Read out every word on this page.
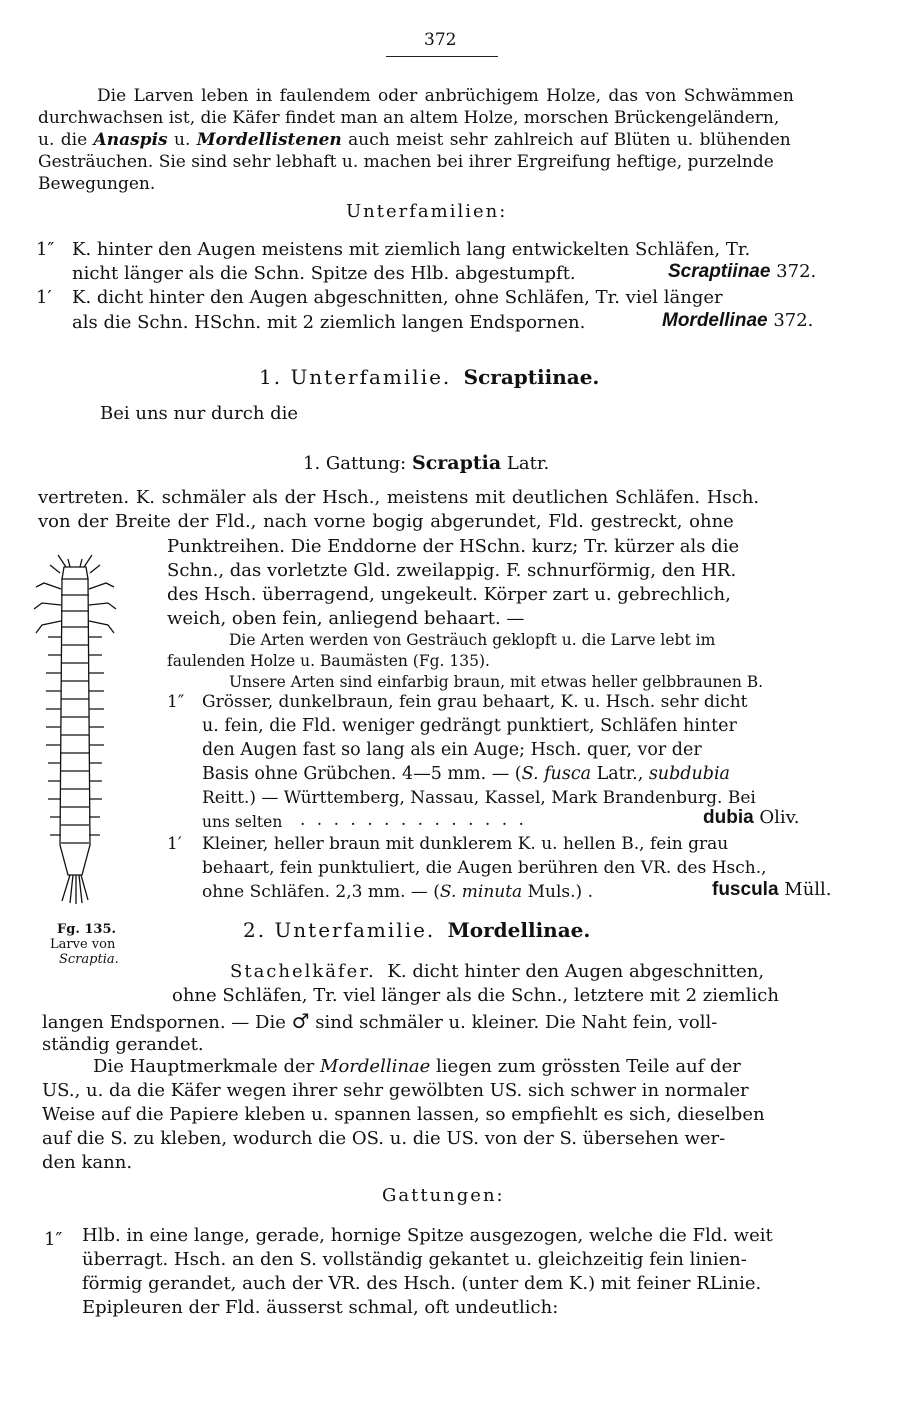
372
Die Larven leben in faulendem oder anbrüchigem Holze, das von Schwämmen
durchwachsen ist, die Käfer findet man an altem Holze, morschen Brückengeländern,
u. die Anaspis u. Mordellistenen auch meist sehr zahlreich auf Blüten u. blühenden
Gesträuchen. Sie sind sehr lebhaft u. machen bei ihrer Ergreifung heftige, purzelnde
Bewegungen.
Unterfamilien:
1″ K. hinter den Augen meistens mit ziemlich lang entwickelten Schläfen, Tr.
nicht länger als die Schn. Spitze des Hlb. abgestumpft.	Scraptiinae 372.
1′ K. dicht hinter den Augen abgeschnitten, ohne Schläfen, Tr. viel länger
als die Schn. HSchn. mit 2 ziemlich langen Endspornen.	Mordellinae 372.
1. Unterfamilie. Scraptiinae.
Bei uns nur durch die
1. Gattung: Scraptia Latr.
vertreten. K. schmäler als der Hsch., meistens mit deutlichen Schläfen. Hsch.
von der Breite der Fld., nach vorne bogig abgerundet, Fld. gestreckt, ohne
Punktreihen. Die Enddorne der HSchn. kurz; Tr. kürzer als die
Schn., das vorletzte Gld. zweilappig. F. schnurförmig, den HR.
des Hsch. überragend, ungekeult. Körper zart u. gebrechlich,
weich, oben fein, anliegend behaart. —
Die Arten werden von Gesträuch geklopft u. die Larve lebt im
faulenden Holze u. Baumästen (Fg. 135).
Unsere Arten sind einfarbig braun, mit etwas heller gelbbraunen B.
1″ Grösser, dunkelbraun, fein grau behaart, K. u. Hsch. sehr dicht
u. fein, die Fld. weniger gedrängt punktiert, Schläfen hinter
den Augen fast so lang als ein Auge; Hsch. quer, vor der
Basis ohne Grübchen. 4—5 mm. — (S. fusca Latr., subdubia
Reitt.) — Württemberg, Nassau, Kassel, Mark Brandenburg. Bei
uns selten . . . . . . . . . . . . . .	dubia Oliv.
1′ Kleiner, heller braun mit dunklerem K. u. hellen B., fein grau
behaart, fein punktuliert, die Augen berühren den VR. des Hsch.,
ohne Schläfen. 2,3 mm. — (S. minuta Muls.) .	fuscula Müll.
Fg. 135.
Larve von
Scraptia.
2. Unterfamilie. Mordellinae.
Stachelkäfer. K. dicht hinter den Augen abgeschnitten,
ohne Schläfen, Tr. viel länger als die Schn., letztere mit 2 ziemlich
langen Endspornen. — Die ♂ sind schmäler u. kleiner. Die Naht fein, voll-
ständig gerandet.
Die Hauptmerkmale der Mordellinae liegen zum grössten Teile auf der
US., u. da die Käfer wegen ihrer sehr gewölbten US. sich schwer in normaler
Weise auf die Papiere kleben u. spannen lassen, so empfiehlt es sich, dieselben
auf die S. zu kleben, wodurch die OS. u. die US. von der S. übersehen wer-
den kann.
Gattungen:
1″ Hlb. in eine lange, gerade, hornige Spitze ausgezogen, welche die Fld. weit
überragt. Hsch. an den S. vollständig gekantet u. gleichzeitig fein linien-
förmig gerandet, auch der VR. des Hsch. (unter dem K.) mit feiner RLinie.
Epipleuren der Fld. äusserst schmal, oft undeutlich:
